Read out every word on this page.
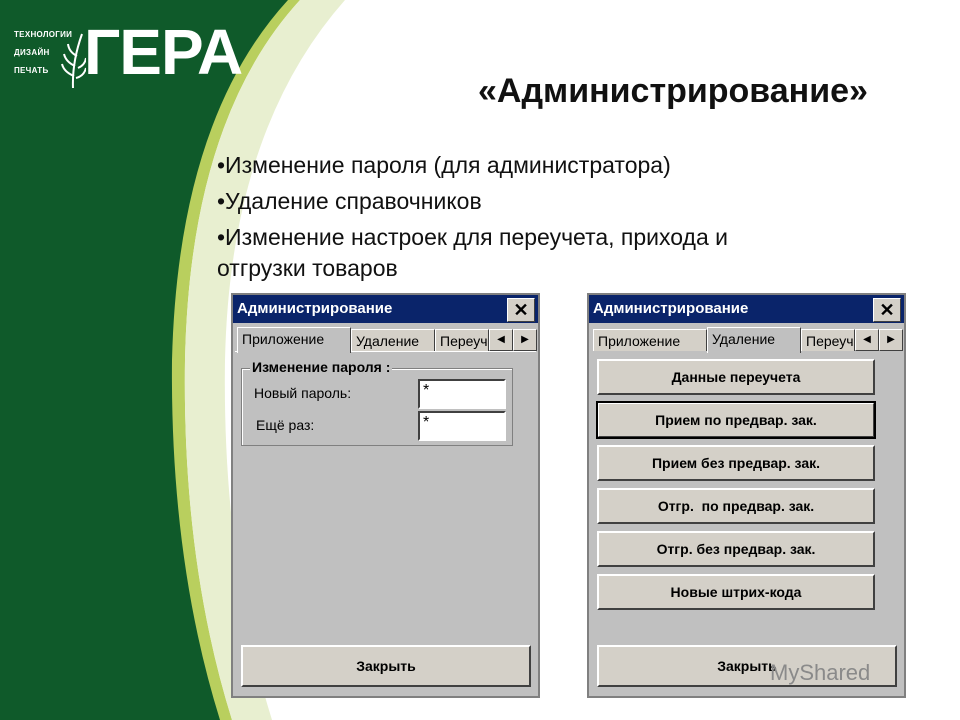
ТЕХНОЛОГИИ
ДИЗАЙН
ПЕЧАТЬ ГЕРА
«Администрирование»
•Изменение пароля (для администратора)
•Удаление справочников
•Изменение настроек для переучета, прихода и отгрузки товаров
Администрирование	✕
Приложение	Удаление	Переуч ◀	▶
Изменение пароля :
Новый пароль:	*
Ещё раз:	*
Закрыть
Администрирование	✕
Приложение	Удаление	Переуч ◀	▶
Данные переучета
Прием по предвар. зак.
Прием без предвар. зак.
Отгр.  по предвар. зак.
Отгр. без предвар. зак.
Новые штрих-кода
Закрыть
MyShared
